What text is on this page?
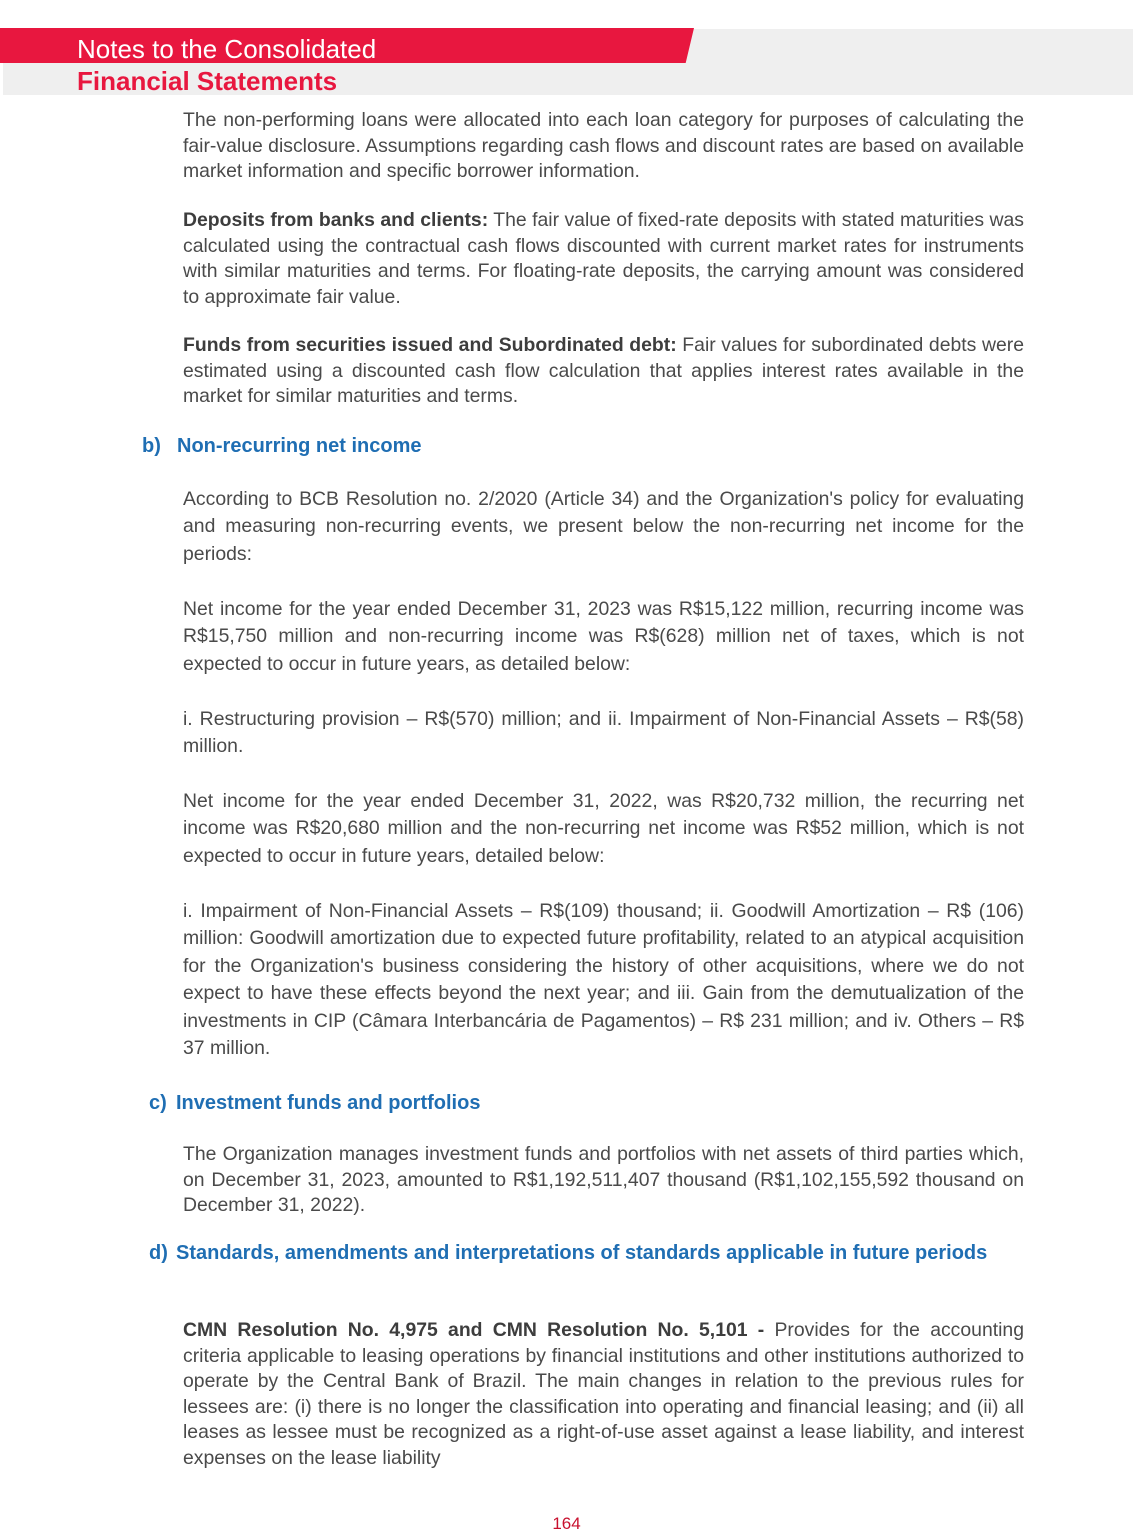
Notes to the Consolidated
Financial Statements

The non-performing loans were allocated into each loan category for purposes of calculating the fair-value disclosure. Assumptions regarding cash flows and discount rates are based on available market information and specific borrower information.

Deposits from banks and clients: The fair value of fixed-rate deposits with stated maturities was calculated using the contractual cash flows discounted with current market rates for instruments with similar maturities and terms. For floating-rate deposits, the carrying amount was considered to approximate fair value.

Funds from securities issued and Subordinated debt: Fair values for subordinated debts were estimated using a discounted cash flow calculation that applies interest rates available in the market for similar maturities and terms.

b) Non-recurring net income

According to BCB Resolution no. 2/2020 (Article 34) and the Organization's policy for evaluating and measuring non-recurring events, we present below the non-recurring net income for the periods:

Net income for the year ended December 31, 2023 was R$15,122 million, recurring income was R$15,750 million and non-recurring income was R$(628) million net of taxes, which is not expected to occur in future years, as detailed below:

i. Restructuring provision – R$(570) million; and ii. Impairment of Non-Financial Assets – R$(58) million.

Net income for the year ended December 31, 2022, was R$20,732 million, the recurring net income was R$20,680 million and the non-recurring net income was R$52 million, which is not expected to occur in future years, detailed below:

i. Impairment of Non-Financial Assets – R$(109) thousand; ii. Goodwill Amortization – R$ (106) million: Goodwill amortization due to expected future profitability, related to an atypical acquisition for the Organization's business considering the history of other acquisitions, where we do not expect to have these effects beyond the next year; and iii. Gain from the demutualization of the investments in CIP (Câmara Interbancária de Pagamentos) – R$ 231 million; and iv. Others – R$ 37 million.

c) Investment funds and portfolios

The Organization manages investment funds and portfolios with net assets of third parties which, on December 31, 2023, amounted to R$1,192,511,407 thousand (R$1,102,155,592 thousand on December 31, 2022).

d) Standards, amendments and interpretations of standards applicable in future periods

CMN Resolution No. 4,975 and CMN Resolution No. 5,101 - Provides for the accounting criteria applicable to leasing operations by financial institutions and other institutions authorized to operate by the Central Bank of Brazil. The main changes in relation to the previous rules for lessees are: (i) there is no longer the classification into operating and financial leasing; and (ii) all leases as lessee must be recognized as a right-of-use asset against a lease liability, and interest expenses on the lease liability

164
